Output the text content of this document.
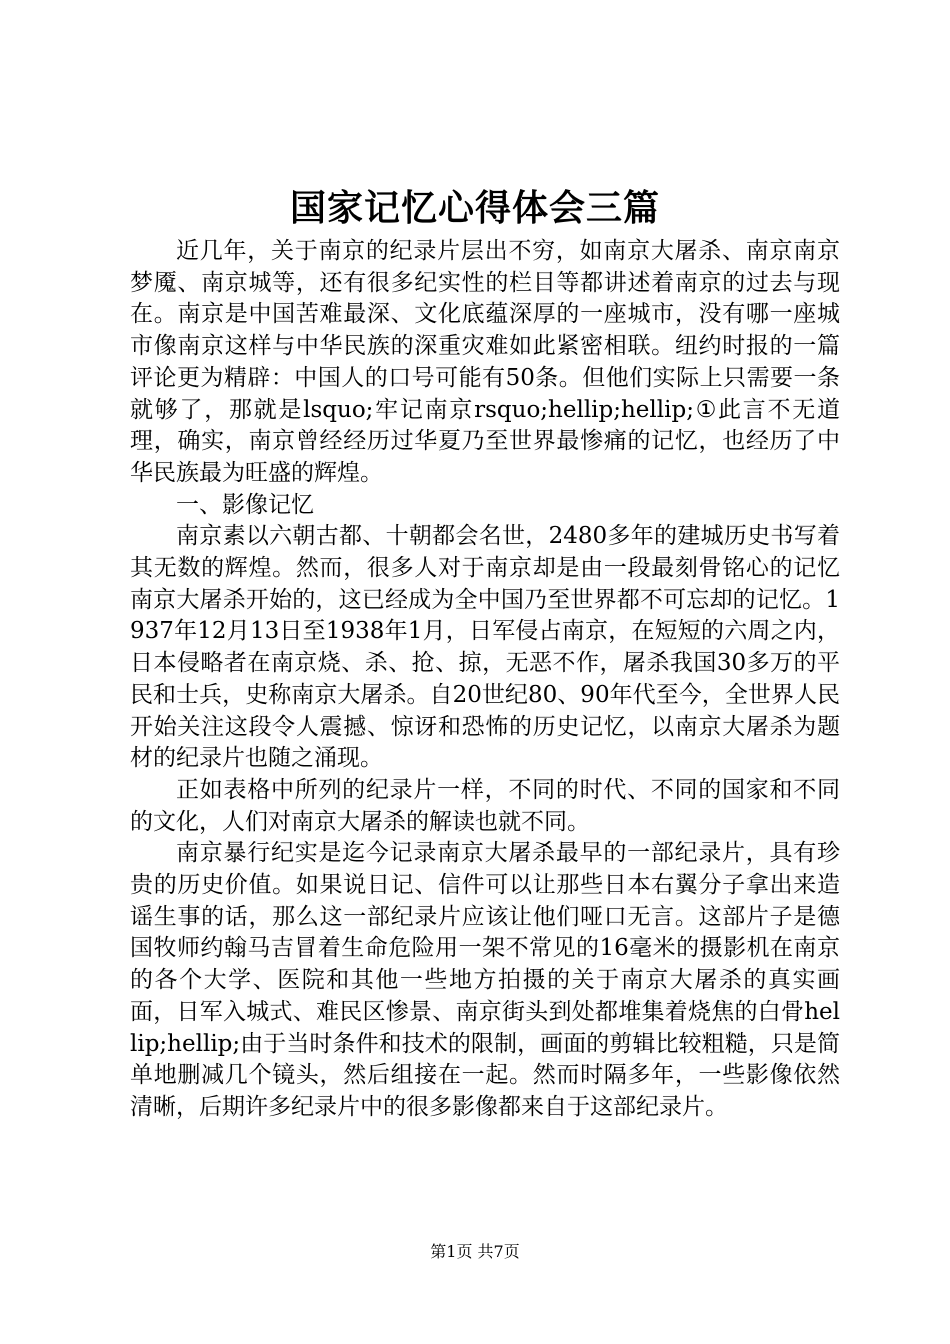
国家记忆心得体会三篇

近几年，关于南京的纪录片层出不穷，如南京大屠杀、南京南京梦魇、南京城等，还有很多纪实性的栏目等都讲述着南京的过去与现在。南京是中国苦难最深、文化底蕴深厚的一座城市，没有哪一座城市像南京这样与中华民族的深重灾难如此紧密相联。纽约时报的一篇评论更为精辟：中国人的口号可能有50条。但他们实际上只需要一条就够了，那就是lsquo;牢记南京rsquo;hellip;hellip;①此言不无道理，确实，南京曾经经历过华夏乃至世界最惨痛的记忆，也经历了中华民族最为旺盛的辉煌。

一、影像记忆

南京素以六朝古都、十朝都会名世，2480多年的建城历史书写着其无数的辉煌。然而，很多人对于南京却是由一段最刻骨铭心的记忆南京大屠杀开始的，这已经成为全中国乃至世界都不可忘却的记忆。1937年12月13日至1938年1月，日军侵占南京，在短短的六周之内，日本侵略者在南京烧、杀、抢、掠，无恶不作，屠杀我国30多万的平民和士兵，史称南京大屠杀。自20世纪80、90年代至今，全世界人民开始关注这段令人震撼、惊讶和恐怖的历史记忆，以南京大屠杀为题材的纪录片也随之涌现。

正如表格中所列的纪录片一样，不同的时代、不同的国家和不同的文化，人们对南京大屠杀的解读也就不同。

南京暴行纪实是迄今记录南京大屠杀最早的一部纪录片，具有珍贵的历史价值。如果说日记、信件可以让那些日本右翼分子拿出来造谣生事的话，那么这一部纪录片应该让他们哑口无言。这部片子是德国牧师约翰马吉冒着生命危险用一架不常见的16毫米的摄影机在南京的各个大学、医院和其他一些地方拍摄的关于南京大屠杀的真实画面，日军入城式、难民区惨景、南京街头到处都堆集着烧焦的白骨hellip;hellip;由于当时条件和技术的限制，画面的剪辑比较粗糙，只是简单地删减几个镜头，然后组接在一起。然而时隔多年，一些影像依然清晰，后期许多纪录片中的很多影像都来自于这部纪录片。

第1页 共7页
